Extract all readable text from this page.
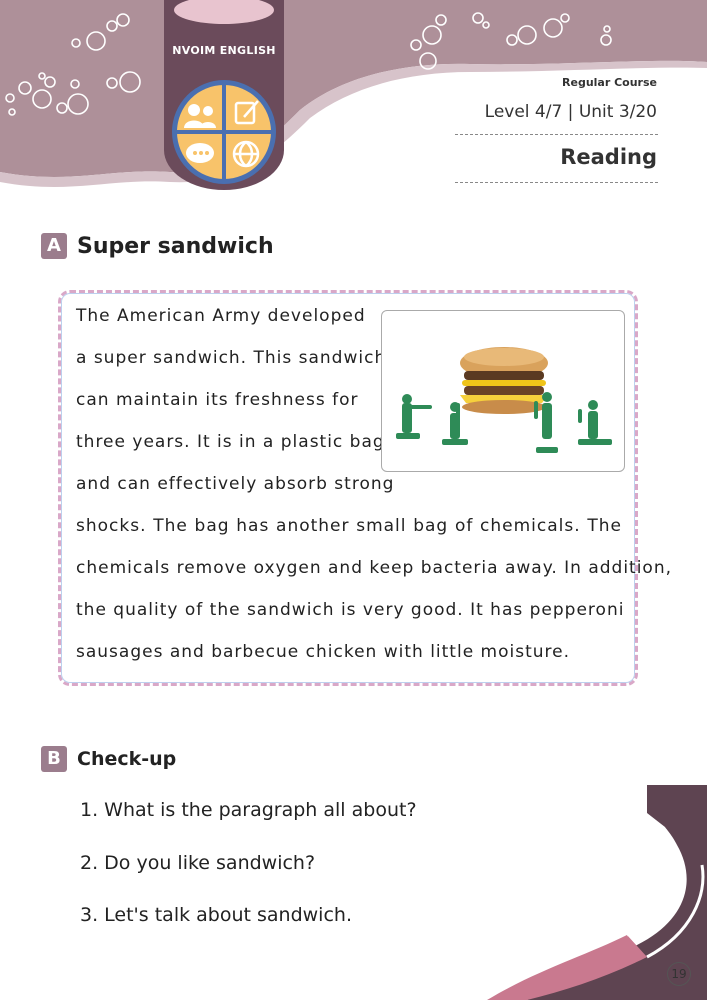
NVOIM ENGLISH
Regular Course
Level 4/7 | Unit 3/20
Reading
A Super sandwich
The American Army developed
a super sandwich. This sandwich
can maintain its freshness for
three years. It is in a plastic bag
and can effectively absorb strong
shocks. The bag has another small bag of chemicals. The
chemicals remove oxygen and keep bacteria away. In addition,
the quality of the sandwich is very good. It has pepperoni
sausages and barbecue chicken with little moisture.
B Check-up
1. What is the paragraph all about?
2. Do you like sandwich?
3. Let's talk about sandwich.
19
